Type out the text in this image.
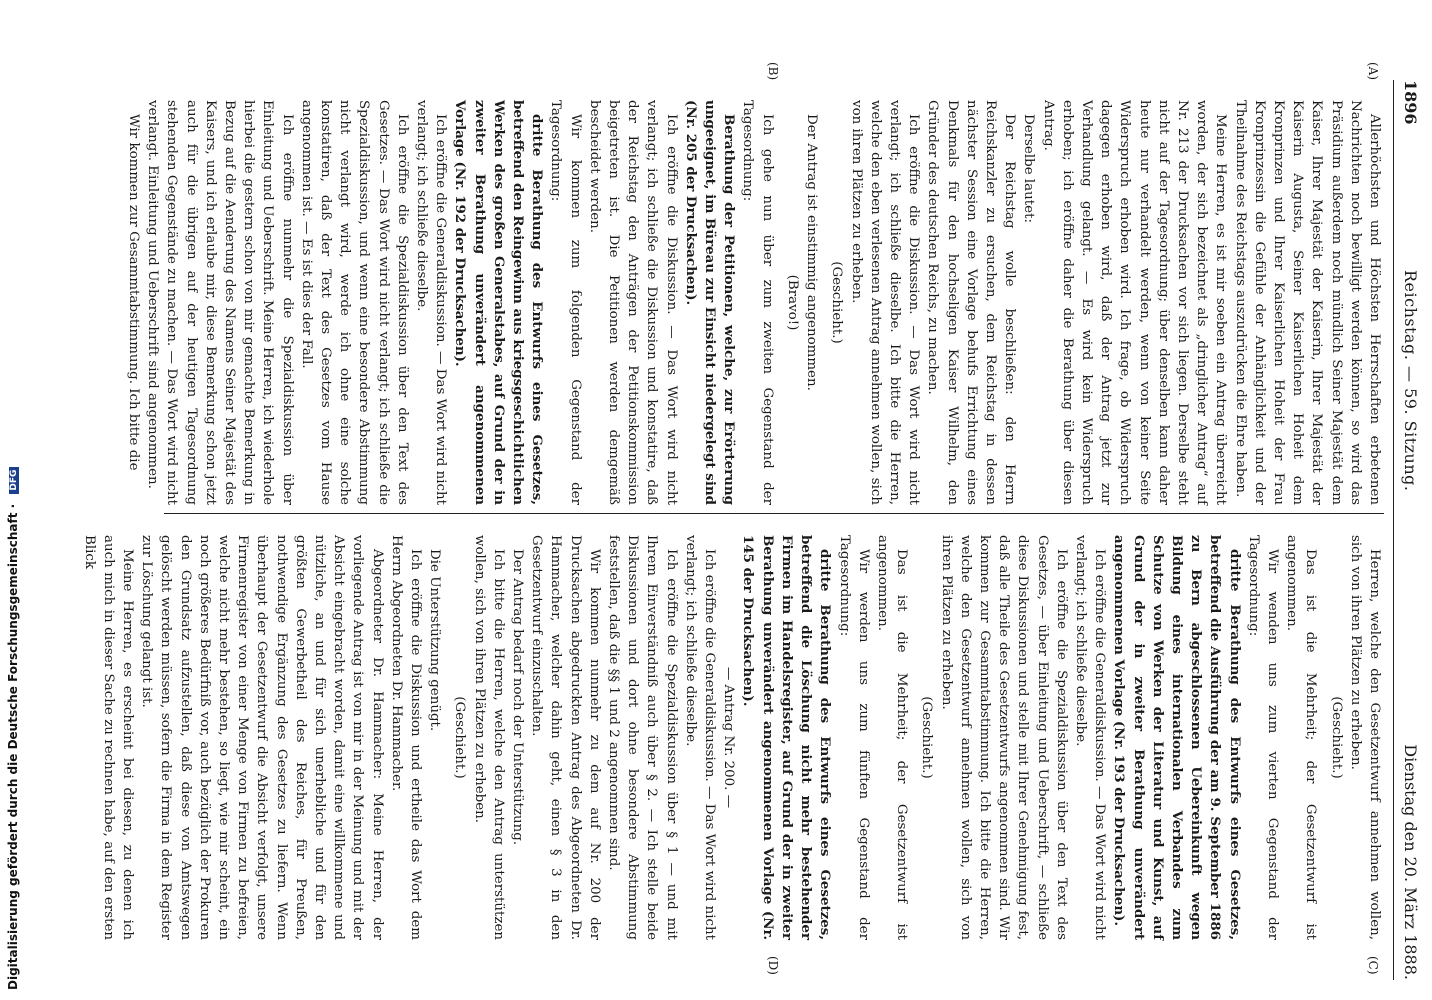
1896
Reichstag. — 59. Sitzung.
Dienstag den 20. März 1888.
(A)
(B)
(C)
(D)

Allerhöchsten und Höchsten Herrschaften erbetenen Nachrichten noch bewilligt werden können, so wird das Präsidium außerdem noch mündlich Seiner Majestät dem Kaiser, Ihrer Majestät der Kaiserin, Ihrer Majestät der Kaiserin Augusta, Seiner Kaiserlichen Hoheit dem Kronprinzen und Ihrer Kaiserlichen Hoheit der Frau Kronprinzessin die Gefühle der Anhänglichkeit und der Theilnahme des Reichstags auszudrücken die Ehre haben.

Meine Herren, es ist mir soeben ein Antrag überreicht worden, der sich bezeichnet als „dringlicher Antrag“ auf Nr. 213 der Drucksachen vor sich liegen. Derselbe steht nicht auf der Tagesordnung; über denselben kann daher heute nur verhandelt werden, wenn von keiner Seite Widerspruch erhoben wird. Ich frage, ob Widerspruch dagegen erhoben wird, daß der Antrag jetzt zur Verhandlung gelangt. — Es wird kein Widerspruch erhoben; ich eröffne daher die Berathung über diesen Antrag.

Derselbe lautet:

Der Reichstag wolle beschließen: den Herrn Reichskanzler zu ersuchen, dem Reichstag in dessen nächster Session eine Vorlage behufs Errichtung eines Denkmals für den hochseligen Kaiser Wilhelm, den Gründer des deutschen Reichs, zu machen.

Ich eröffne die Diskussion. — Das Wort wird nicht verlangt; ich schließe dieselbe. Ich bitte die Herren, welche den eben verlesenen Antrag annehmen wollen, sich von ihren Plätzen zu erheben.

(Geschieht.)

Der Antrag ist einstimmig angenommen.

(Bravo!)

Ich gehe nun über zum zweiten Gegenstand der Tagesordnung:

Berathung der Petitionen, welche, zur Erörterung ungeeignet, im Büreau zur Einsicht niedergelegt sind (Nr. 205 der Drucksachen).

Ich eröffne die Diskussion. — Das Wort wird nicht verlangt; ich schließe die Diskussion und konstatire, daß der Reichstag den Anträgen der Petitionskommission beigetreten ist. Die Petitionen werden demgemäß bescheidet werden.

Wir kommen zum folgenden Gegenstand der Tagesordnung:

dritte Berathung des Entwurfs eines Gesetzes, betreffend den Reingewinn aus kriegsgeschichtlichen Werken des großen Generalstabes, auf Grund der in zweiter Berathung unverändert angenommenen Vorlage (Nr. 192 der Drucksachen).

Ich eröffne die Generaldiskussion. — Das Wort wird nicht verlangt; ich schließe dieselbe.

Ich eröffne die Spezialdiskussion über den Text des Gesetzes. — Das Wort wird nicht verlangt; ich schließe die Spezialdiskussion, und wenn eine besondere Abstimmung nicht verlangt wird, werde ich ohne eine solche konstatiren, daß der Text des Gesetzes vom Hause angenommen ist. — Es ist dies der Fall.

Ich eröffne nunmehr die Spezialdiskussion über Einleitung und Ueberschrift. Meine Herren, ich wiederhole hierbei die gestern schon von mir gemachte Bemerkung in Bezug auf die Aenderung des Namens Seiner Majestät des Kaisers, und ich erlaube mir, diese Bemerkung schon jetzt auch für die übrigen auf der heutigen Tagesordnung stehenden Gegenstände zu machen. — Das Wort wird nicht verlangt. Einleitung und Ueberschrift sind angenommen.

Wir kommen zur Gesammtabstimmung. Ich bitte die

Herren, welche den Gesetzentwurf annehmen wollen, sich von ihren Plätzen zu erheben.

(Geschieht.)

Das ist die Mehrheit; der Gesetzentwurf ist angenommen.

Wir wenden uns zum vierten Gegenstand der Tagesordnung:

dritte Berathung des Entwurfs eines Gesetzes, betreffend die Ausführung der am 9. September 1886 zu Bern abgeschlossenen Uebereinkunft wegen Bildung eines internationalen Verbandes zum Schutze von Werken der Literatur und Kunst, auf Grund der in zweiter Berathung unverändert angenommenen Vorlage (Nr. 193 der Drucksachen).

Ich eröffne die Generaldiskussion. — Das Wort wird nicht verlangt; ich schließe dieselbe.

Ich eröffne die Spezialdiskussion über den Text des Gesetzes, — über Einleitung und Ueberschrift, — schließe diese Diskussionen und stelle mit Ihrer Genehmigung fest, daß alle Theile des Gesetzentwurfs angenommen sind. Wir kommen zur Gesammtabstimmung. Ich bitte die Herren, welche den Gesetzentwurf annehmen wollen, sich von ihren Plätzen zu erheben.

(Geschieht.)

Das ist die Mehrheit; der Gesetzentwurf ist angenommen.

Wir werden uns zum fünften Gegenstand der Tagesordnung:

dritte Berathung des Entwurfs eines Gesetzes, betreffend die Löschung nicht mehr bestehender Firmen im Handelsregister, auf Grund der in zweiter Berathung unverändert angenommenen Vorlage (Nr. 145 der Drucksachen).

— Antrag Nr. 200. —

Ich eröffne die Generaldiskussion. — Das Wort wird nicht verlangt; ich schließe dieselbe.

Ich eröffne die Spezialdiskussion über § 1 — und mit Ihrem Einverständniß auch über § 2. — Ich stelle beide Diskussionen und dort ohne besondere Abstimmung feststellen, daß die §§ 1 und 2 angenommen sind.

Wir kommen nunmehr zu dem auf Nr. 200 der Drucksachen abgedruckten Antrag des Abgeordneten Dr. Hammacher, welcher dahin geht, einen § 3 in den Gesetzentwurf einzuschalten.

Der Antrag bedarf noch der Unterstützung.

Ich bitte die Herren, welche den Antrag unterstützen wollen, sich von ihren Plätzen zu erheben.

(Geschieht.)

Die Unterstützung genügt.

Ich eröffne die Diskussion und ertheile das Wort dem Herrn Abgeordneten Dr. Hammacher.

Abgeordneter Dr. Hammacher: Meine Herren, der vorliegende Antrag ist von mir in der Meinung und mit der Absicht eingebracht worden, damit eine willkommene und nützliche, an und für sich unerhebliche und für den größten Gewerbetheil des Reiches, für Preußen, nothwendige Ergänzung des Gesetzes zu liefern. Wenn überhaupt der Gesetzentwurf die Absicht verfolgt, unsere Firmenregister von einer Menge von Firmen zu befreien, welche nicht mehr bestehen, so liegt, wie mir scheint, ein noch größeres Bedürfniß vor, auch bezüglich der Prokuren den Grundsatz aufzustellen, daß diese von Amtswegen gelöscht werden müssen, sofern die Firma in dem Register zur Löschung gelangt ist.

Meine Herren, es erscheint bei diesen, zu denen ich auch mich in dieser Sache zu rechnen habe, auf den ersten Blick

Digitalisierung gefördert durch die Deutsche Forschungsgemeinschaft · DFG
